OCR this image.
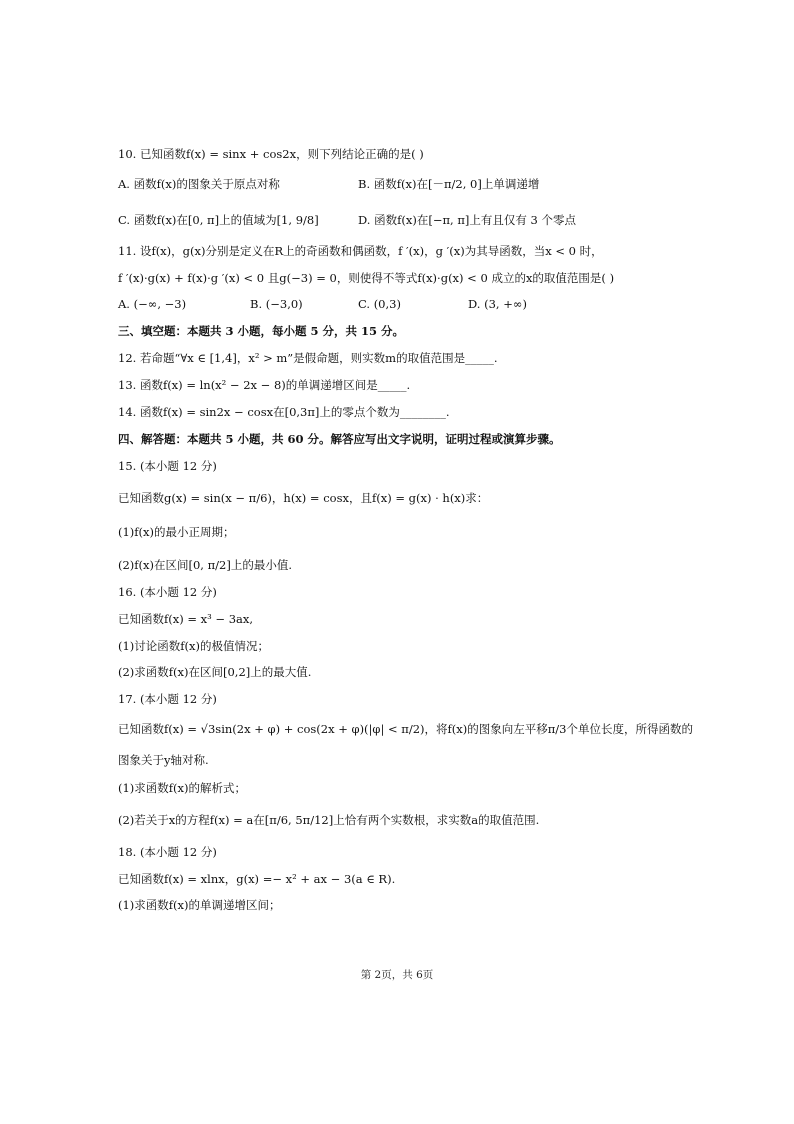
10. 已知函数f(x) = sinx + cos2x，则下列结论正确的是( )
A. 函数f(x)的图象关于原点对称	B. 函数f(x)在[－π/2, 0]上单调递增
C. 函数f(x)在[0, π]上的值域为[1, 9/8]	D. 函数f(x)在[−π, π]上有且仅有 3 个零点
11. 设f(x)，g(x)分别是定义在R上的奇函数和偶函数，f ′(x)，g ′(x)为其导函数，当x < 0 时，
f ′(x)·g(x) + f(x)·g ′(x) < 0 且g(−3) = 0，则使得不等式f(x)·g(x) < 0 成立的x的取值范围是( )
A. (−∞, −3)	B. (−3,0)	C. (0,3)	D. (3, +∞)
三、填空题：本题共 3 小题，每小题 5 分，共 15 分。
12. 若命题“∀x ∈ [1,4]，x² > m”是假命题，则实数m的取值范围是_____.
13. 函数f(x) = ln(x² − 2x − 8)的单调递增区间是_____.
14. 函数f(x) = sin2x − cosx在[0,3π]上的零点个数为________.
四、解答题：本题共 5 小题，共 60 分。解答应写出文字说明，证明过程或演算步骤。
15. (本小题 12 分)
已知函数g(x) = sin(x − π/6)，h(x) = cosx，且f(x) = g(x) · h(x)求：
(1)f(x)的最小正周期；
(2)f(x)在区间[0, π/2]上的最小值.
16. (本小题 12 分)
已知函数f(x) = x³ − 3ax,
(1)讨论函数f(x)的极值情况；
(2)求函数f(x)在区间[0,2]上的最大值.
17. (本小题 12 分)
已知函数f(x) = √3sin(2x + φ) + cos(2x + φ)(|φ| < π/2)，将f(x)的图象向左平移π/3个单位长度，所得函数的
图象关于y轴对称.
(1)求函数f(x)的解析式；
(2)若关于x的方程f(x) = a在[π/6, 5π/12]上恰有两个实数根，求实数a的取值范围.
18. (本小题 12 分)
已知函数f(x) = xlnx，g(x) =− x² + ax − 3(a ∈ R).
(1)求函数f(x)的单调递增区间；
第 2页，共 6页
